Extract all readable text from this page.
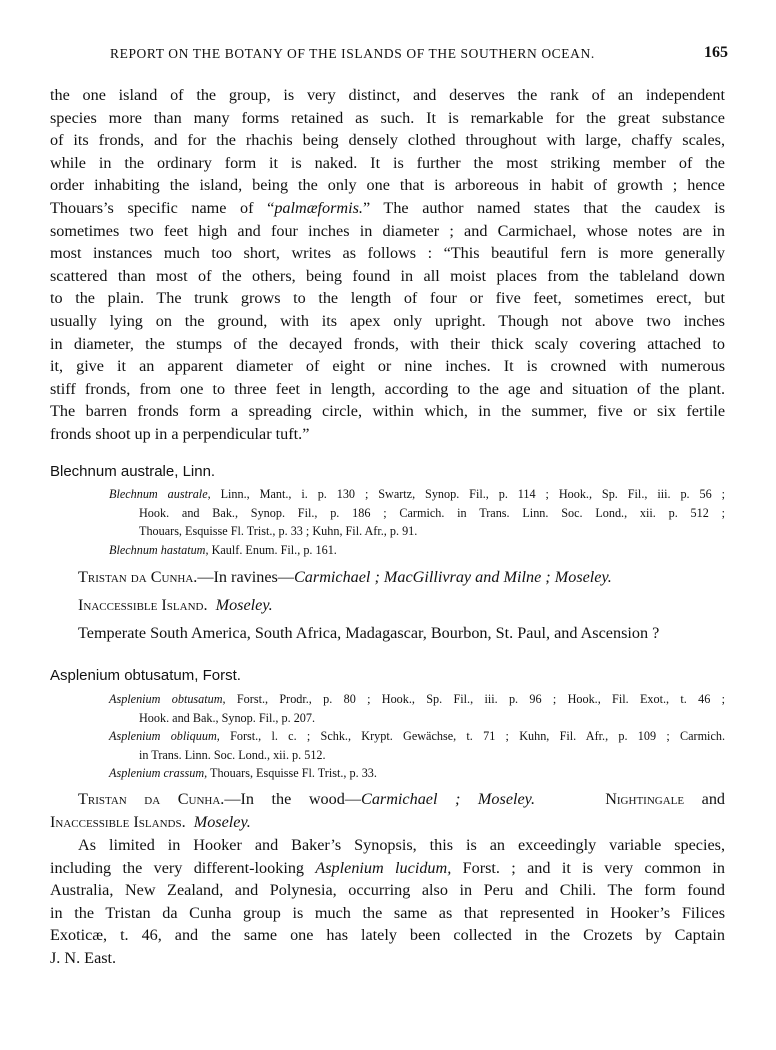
REPORT ON THE BOTANY OF THE ISLANDS OF THE SOUTHERN OCEAN.	165
the one island of the group, is very distinct, and deserves the rank of an independent
species more than many forms retained as such. It is remarkable for the great substance
of its fronds, and for the rhachis being densely clothed throughout with large, chaffy scales,
while in the ordinary form it is naked. It is further the most striking member of the
order inhabiting the island, being the only one that is arboreous in habit of growth ; hence
Thouars’s specific name of “palmæformis.” The author named states that the caudex is
sometimes two feet high and four inches in diameter ; and Carmichael, whose notes are in
most instances much too short, writes as follows : “This beautiful fern is more generally
scattered than most of the others, being found in all moist places from the tableland down
to the plain. The trunk grows to the length of four or five feet, sometimes erect, but
usually lying on the ground, with its apex only upright. Though not above two inches
in diameter, the stumps of the decayed fronds, with their thick scaly covering attached to
it, give it an apparent diameter of eight or nine inches. It is crowned with numerous
stiff fronds, from one to three feet in length, according to the age and situation of the plant.
The barren fronds form a spreading circle, within which, in the summer, five or six fertile
fronds shoot up in a perpendicular tuft.”
Blechnum australe, Linn.
Blechnum australe, Linn., Mant., i. p. 130 ; Swartz, Synop. Fil., p. 114 ; Hook., Sp. Fil., iii. p. 56 ;
Hook. and Bak., Synop. Fil., p. 186 ; Carmich. in Trans. Linn. Soc. Lond., xii. p. 512 ;
Thouars, Esquisse Fl. Trist., p. 33 ; Kuhn, Fil. Afr., p. 91.
Blechnum hastatum, Kaulf. Enum. Fil., p. 161.
Tristan da Cunha.—In ravines—Carmichael ; MacGillivray and Milne ; Moseley.
Inaccessible Island. Moseley.
Temperate South America, South Africa, Madagascar, Bourbon, St. Paul, and Ascension ?
Asplenium obtusatum, Forst.
Asplenium obtusatum, Forst., Prodr., p. 80 ; Hook., Sp. Fil., iii. p. 96 ; Hook., Fil. Exot., t. 46 ;
Hook. and Bak., Synop. Fil., p. 207.
Asplenium obliquum, Forst., l. c. ; Schk., Krypt. Gewächse, t. 71 ; Kuhn, Fil. Afr., p. 109 ; Carmich.
in Trans. Linn. Soc. Lond., xii. p. 512.
Asplenium crassum, Thouars, Esquisse Fl. Trist., p. 33.
Tristan da Cunha.—In the wood—Carmichael ; Moseley.	Nightingale and
Inaccessible Islands. Moseley.
As limited in Hooker and Baker’s Synopsis, this is an exceedingly variable species,
including the very different-looking Asplenium lucidum, Forst. ; and it is very common in
Australia, New Zealand, and Polynesia, occurring also in Peru and Chili. The form found
in the Tristan da Cunha group is much the same as that represented in Hooker’s Filices
Exoticæ, t. 46, and the same one has lately been collected in the Crozets by Captain
J. N. East.
